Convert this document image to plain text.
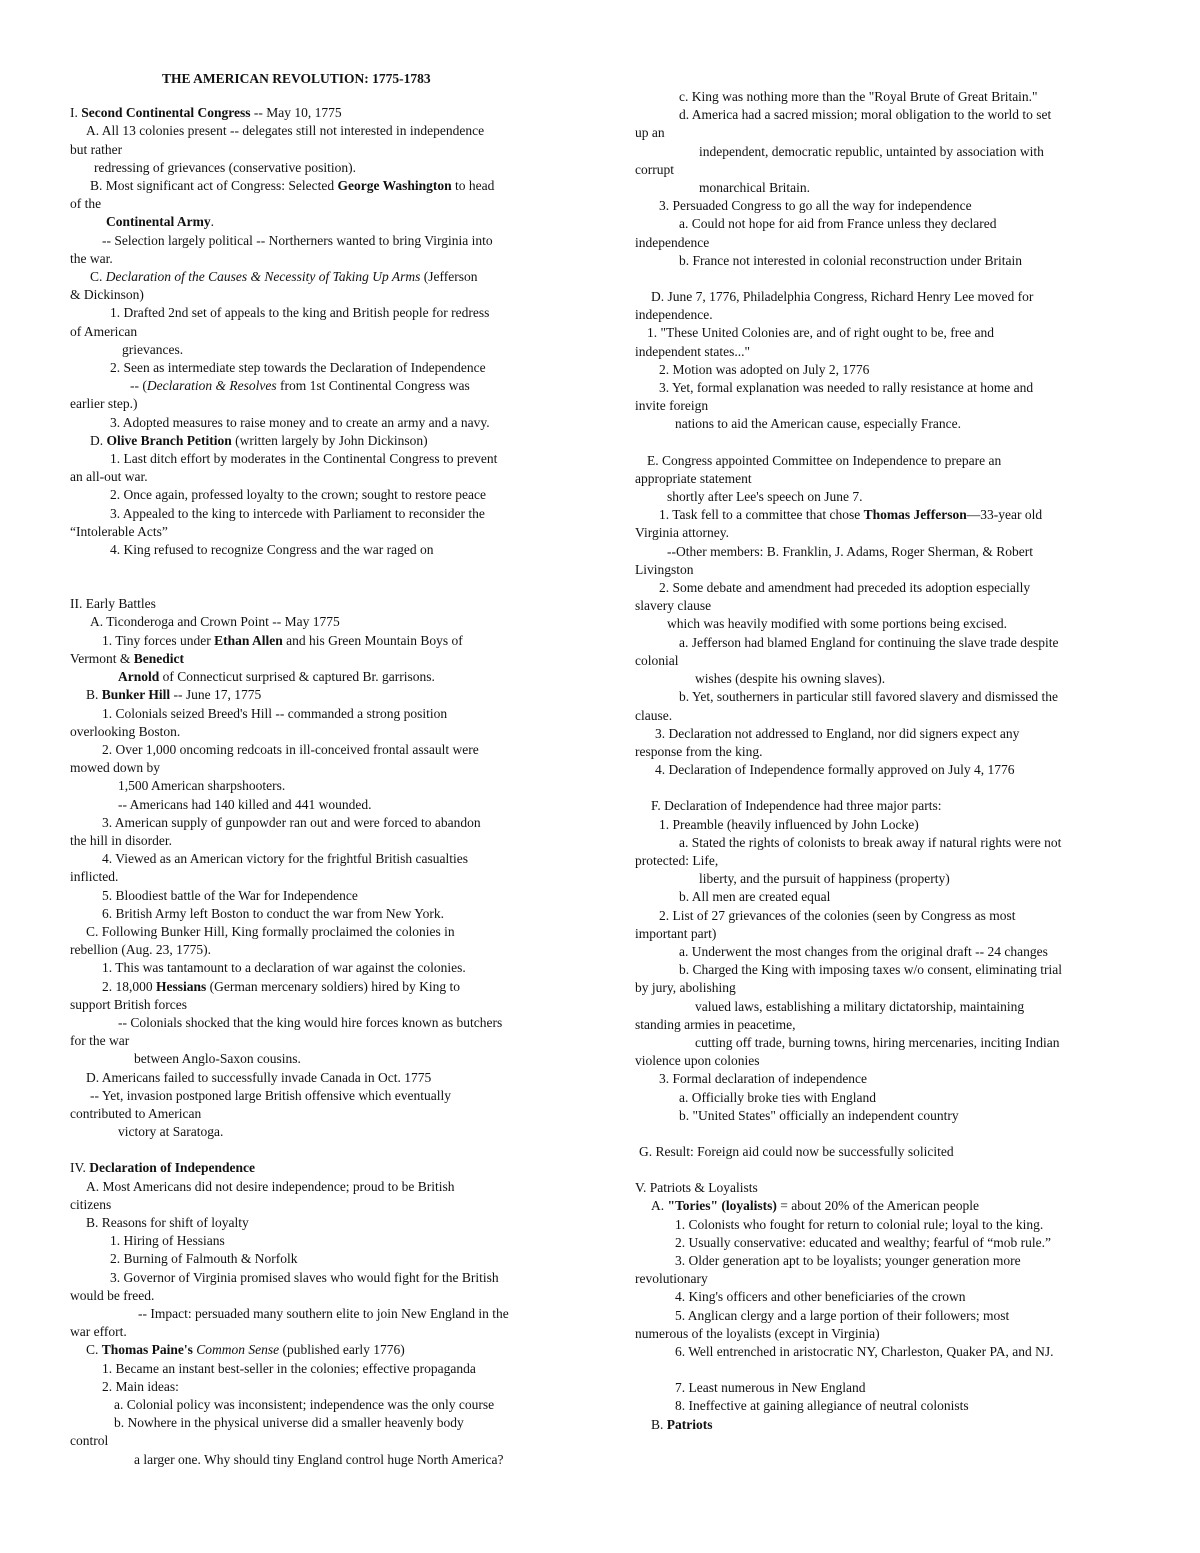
THE AMERICAN REVOLUTION: 1775-1783
I. Second Continental Congress -- May 10, 1775
A. All 13 colonies present -- delegates still not interested in independence
but rather
redressing of grievances (conservative position).
B. Most significant act of Congress: Selected George Washington to head
of the
Continental Army.
-- Selection largely political -- Northerners wanted to bring Virginia into
the war.
C. Declaration of the Causes & Necessity of Taking Up Arms (Jefferson
& Dickinson)
1. Drafted 2nd set of appeals to the king and British people for redress
of American
grievances.
2. Seen as intermediate step towards the Declaration of Independence
-- (Declaration & Resolves from 1st Continental Congress was
earlier step.)
3. Adopted measures to raise money and to create an army and a navy.
D. Olive Branch Petition (written largely by John Dickinson)
1. Last ditch effort by moderates in the Continental Congress to prevent
an all-out war.
2. Once again, professed loyalty to the crown; sought to restore peace
3. Appealed to the king to intercede with Parliament to reconsider the
“Intolerable Acts”
4. King refused to recognize Congress and the war raged on
II. Early Battles
A. Ticonderoga and Crown Point -- May 1775
1. Tiny forces under Ethan Allen and his Green Mountain Boys of
Vermont & Benedict
Arnold of Connecticut surprised & captured Br. garrisons.
B. Bunker Hill -- June 17, 1775
1. Colonials seized Breed's Hill -- commanded a strong position
overlooking Boston.
2. Over 1,000 oncoming redcoats in ill-conceived frontal assault were
mowed down by
1,500 American sharpshooters.
-- Americans had 140 killed and 441 wounded.
3. American supply of gunpowder ran out and were forced to abandon
the hill in disorder.
4. Viewed as an American victory for the frightful British casualties
inflicted.
5. Bloodiest battle of the War for Independence
6. British Army left Boston to conduct the war from New York.
C. Following Bunker Hill, King formally proclaimed the colonies in
rebellion (Aug. 23, 1775).
1. This was tantamount to a declaration of war against the colonies.
2. 18,000 Hessians (German mercenary soldiers) hired by King to
support British forces
-- Colonials shocked that the king would hire forces known as butchers
for the war
between Anglo-Saxon cousins.
D. Americans failed to successfully invade Canada in Oct. 1775
-- Yet, invasion postponed large British offensive which eventually
contributed to American
victory at Saratoga.
IV. Declaration of Independence
A. Most Americans did not desire independence; proud to be British
citizens
B. Reasons for shift of loyalty
1. Hiring of Hessians
2. Burning of Falmouth & Norfolk
3. Governor of Virginia promised slaves who would fight for the British
would be freed.
-- Impact: persuaded many southern elite to join New England in the
war effort.
C. Thomas Paine's Common Sense (published early 1776)
1. Became an instant best-seller in the colonies; effective propaganda
2. Main ideas:
a. Colonial policy was inconsistent; independence was the only course
b. Nowhere in the physical universe did a smaller heavenly body
control
a larger one. Why should tiny England control huge North America?
c. King was nothing more than the "Royal Brute of Great Britain."
d. America had a sacred mission; moral obligation to the world to set
up an
independent, democratic republic, untainted by association with
corrupt
monarchical Britain.
3. Persuaded Congress to go all the way for independence
a. Could not hope for aid from France unless they declared
independence
b. France not interested in colonial reconstruction under Britain
D. June 7, 1776, Philadelphia Congress, Richard Henry Lee moved for
independence.
1. "These United Colonies are, and of right ought to be, free and
independent states..."
2. Motion was adopted on July 2, 1776
3. Yet, formal explanation was needed to rally resistance at home and
invite foreign
nations to aid the American cause, especially France.
E. Congress appointed Committee on Independence to prepare an
appropriate statement
shortly after Lee's speech on June 7.
1. Task fell to a committee that chose Thomas Jefferson—33-year old
Virginia attorney.
--Other members: B. Franklin, J. Adams, Roger Sherman, & Robert
Livingston
2. Some debate and amendment had preceded its adoption especially
slavery clause
which was heavily modified with some portions being excised.
a. Jefferson had blamed England for continuing the slave trade despite
colonial
wishes (despite his owning slaves).
b. Yet, southerners in particular still favored slavery and dismissed the
clause.
3. Declaration not addressed to England, nor did signers expect any
response from the king.
4. Declaration of Independence formally approved on July 4, 1776
F. Declaration of Independence had three major parts:
1. Preamble (heavily influenced by John Locke)
a. Stated the rights of colonists to break away if natural rights were not
protected: Life,
liberty, and the pursuit of happiness (property)
b. All men are created equal
2. List of 27 grievances of the colonies (seen by Congress as most
important part)
a. Underwent the most changes from the original draft -- 24 changes
b. Charged the King with imposing taxes w/o consent, eliminating trial
by jury, abolishing
valued laws, establishing a military dictatorship, maintaining
standing armies in peacetime,
cutting off trade, burning towns, hiring mercenaries, inciting Indian
violence upon colonies
3. Formal declaration of independence
a. Officially broke ties with England
b. "United States" officially an independent country
G. Result: Foreign aid could now be successfully solicited
V. Patriots & Loyalists
A. "Tories" (loyalists) = about 20% of the American people
1. Colonists who fought for return to colonial rule; loyal to the king.
2. Usually conservative: educated and wealthy; fearful of “mob rule.”
3. Older generation apt to be loyalists; younger generation more
revolutionary
4. King's officers and other beneficiaries of the crown
5. Anglican clergy and a large portion of their followers; most
numerous of the loyalists (except in Virginia)
6. Well entrenched in aristocratic NY, Charleston, Quaker PA, and NJ.
7. Least numerous in New England
8. Ineffective at gaining allegiance of neutral colonists
B. Patriots
